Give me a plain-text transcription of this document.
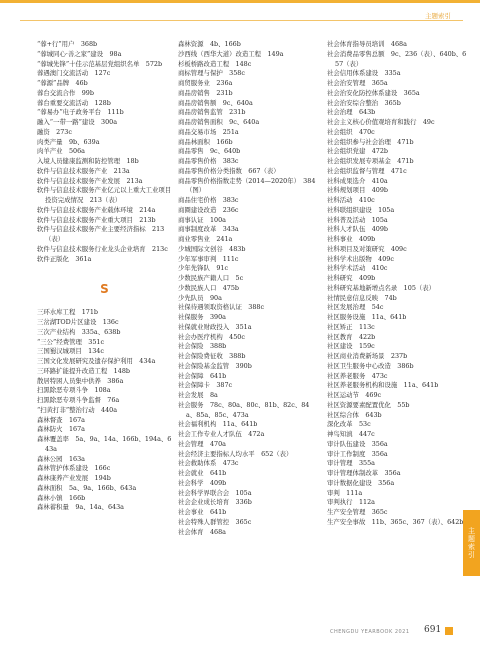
主题索引
“蓉+行”用户　368b
“蓉城同心·善之家”建设　98a
“蓉城先锋”十佳示范基层党组织名单　572b
蓉遇澳门交流活动　127c
“蓉源”品牌　46b
蓉台交流合作　99b
蓉台重要交流活动　128b
“蓉易办”电子政务平台　111b
融入“一带一路”建设　300a
融资　273c
肉类产量　9b、639a
肉羊产业　506a
入境人员健康监测和防控管理　18b
软件与信息技术服务产业　213a
软件与信息技术服务产业发展　213a
软件与信息技术服务产业亿元以上重大工业项目投资完成情况　213（表）
软件与信息技术服务产业载体环境　214a
软件与信息技术服务产业重大项目　213b
软件与信息技术服务产业主要经济指标　213（表）
软件与信息技术服务行业龙头企业培育　213c
软件正版化　361a
S
三环水库工程　171b
三岔湖TOD片区建设　136c
三次产业结构　335a、638b
“三公”经费管理　351c
三国蜀汉城项目　134c
三国文化发展研究及遗存保护利用　434a
三环路扩能提升改造工程　148b
散居特困人员集中供养　386a
扫黑除恶专项斗争　108a
扫黑除恶专项斗争监督　76a
“扫黄打非”整治行动　440a
森林督查　167a
森林防火　167a
森林覆盖率　5a、9a、14a、166b、194a、643a
森林公园　163a
森林管护体系建设　166c
森林康养产业发展　194b
森林面积　5a、9a、166b、643a
森林小镇　166b
森林蓄积量　9a、14a、643a
森林资源　4b、166b
沙西线（西华大道）改造工程　149a
杉板桥路改造工程　148c
商标管理与保护　358c
商贸服务业　236a
商品房销售　231b
商品房销售额　9c、640a
商品房销售监管　231b
商品房销售面积　9c、640a
商品交易市场　251a
商品林面积　166b
商品零售　9c、640b
商品零售价格　383c
商品零售价格分类指数　667（表）
商品零售价格指数走势（2014—2020年）　384（图）
商品住宅价格　383c
商圈建设改造　236c
商事认证　100a
商事制度改革　343a
商业零售业　241a
少城国际文创谷　483b
少年军事审判　111c
少年先锋队　91c
少数民族产籍人口　5c
少数民族人口　475b
少先队员　90a
社保待遇领取资格认证　388c
社保服务　390a
社保就业财政投入　351a
社会办医疗机构　450c
社会保险　388b
社会保险费征收　388b
社会保险基金监管　390b
社会保障　641b
社会保障卡　387c
社会发展　8a
社会服务　78c、80a、80c、81b、82c、84a、85a、85c、473a
社会福利机构　11a、641b
社会工作专业人才队伍　472a
社会管理　470a
社会经济主要指标人均水平　652（表）
社会救助体系　473c
社会就业　641b
社会科学　409b
社会科学界联合会　105a
社会企业成长培育　336b
社会事业　641b
社会特殊人群管控　365c
社会体育　468a
社会体育指导员培训　468a
社会消费品零售总额　9c、236（表）、640b、657（表）
社会信用体系建设　335a
社会治安管理　365a
社会治安化防控体系建设　365a
社会治安综合整治　365b
社会治理　643b
社会主义核心价值观培育和践行　49c
社会组织　470c
社会组织参与社会治理　471b
社会组织党建　472b
社会组织发展专项基金　471b
社会组织监督与管理　471c
社科成果选介　410a
社科规划项目　409b
社科活动　410c
社科联组织建设　105a
社科普及活动　105a
社科人才队伍　409b
社科事业　409b
社科项目及对策研究　409c
社科学术出版物　409c
社科学术活动　410c
社科研究　409b
社科研究基地新增点名录　105（表）
社情民意信息反映　74b
社区发展治理　54c
社区服务设施　11a、641b
社区矫正　113c
社区教育　422b
社区建设　159c
社区商业消费新场景　237b
社区卫生服务中心改造　386b
社区养老服务　473c
社区养老服务机构和设施　11a、641b
社区运动节　469c
社区资源要素配置优化　55b
社区综合体　643b
深化改革　53c
神鸟知滇　447c
审计队伍建设　356a
审计工作制度　356a
审计管理　355a
审计管理体制改革　356a
审计数据化建设　356a
审判　111a
审判执行　112a
生产安全管理　365c
生产安全事故　11b、365c、367（表）、642b
主题索引
CHENGDU YEARBOOK 2021 691
